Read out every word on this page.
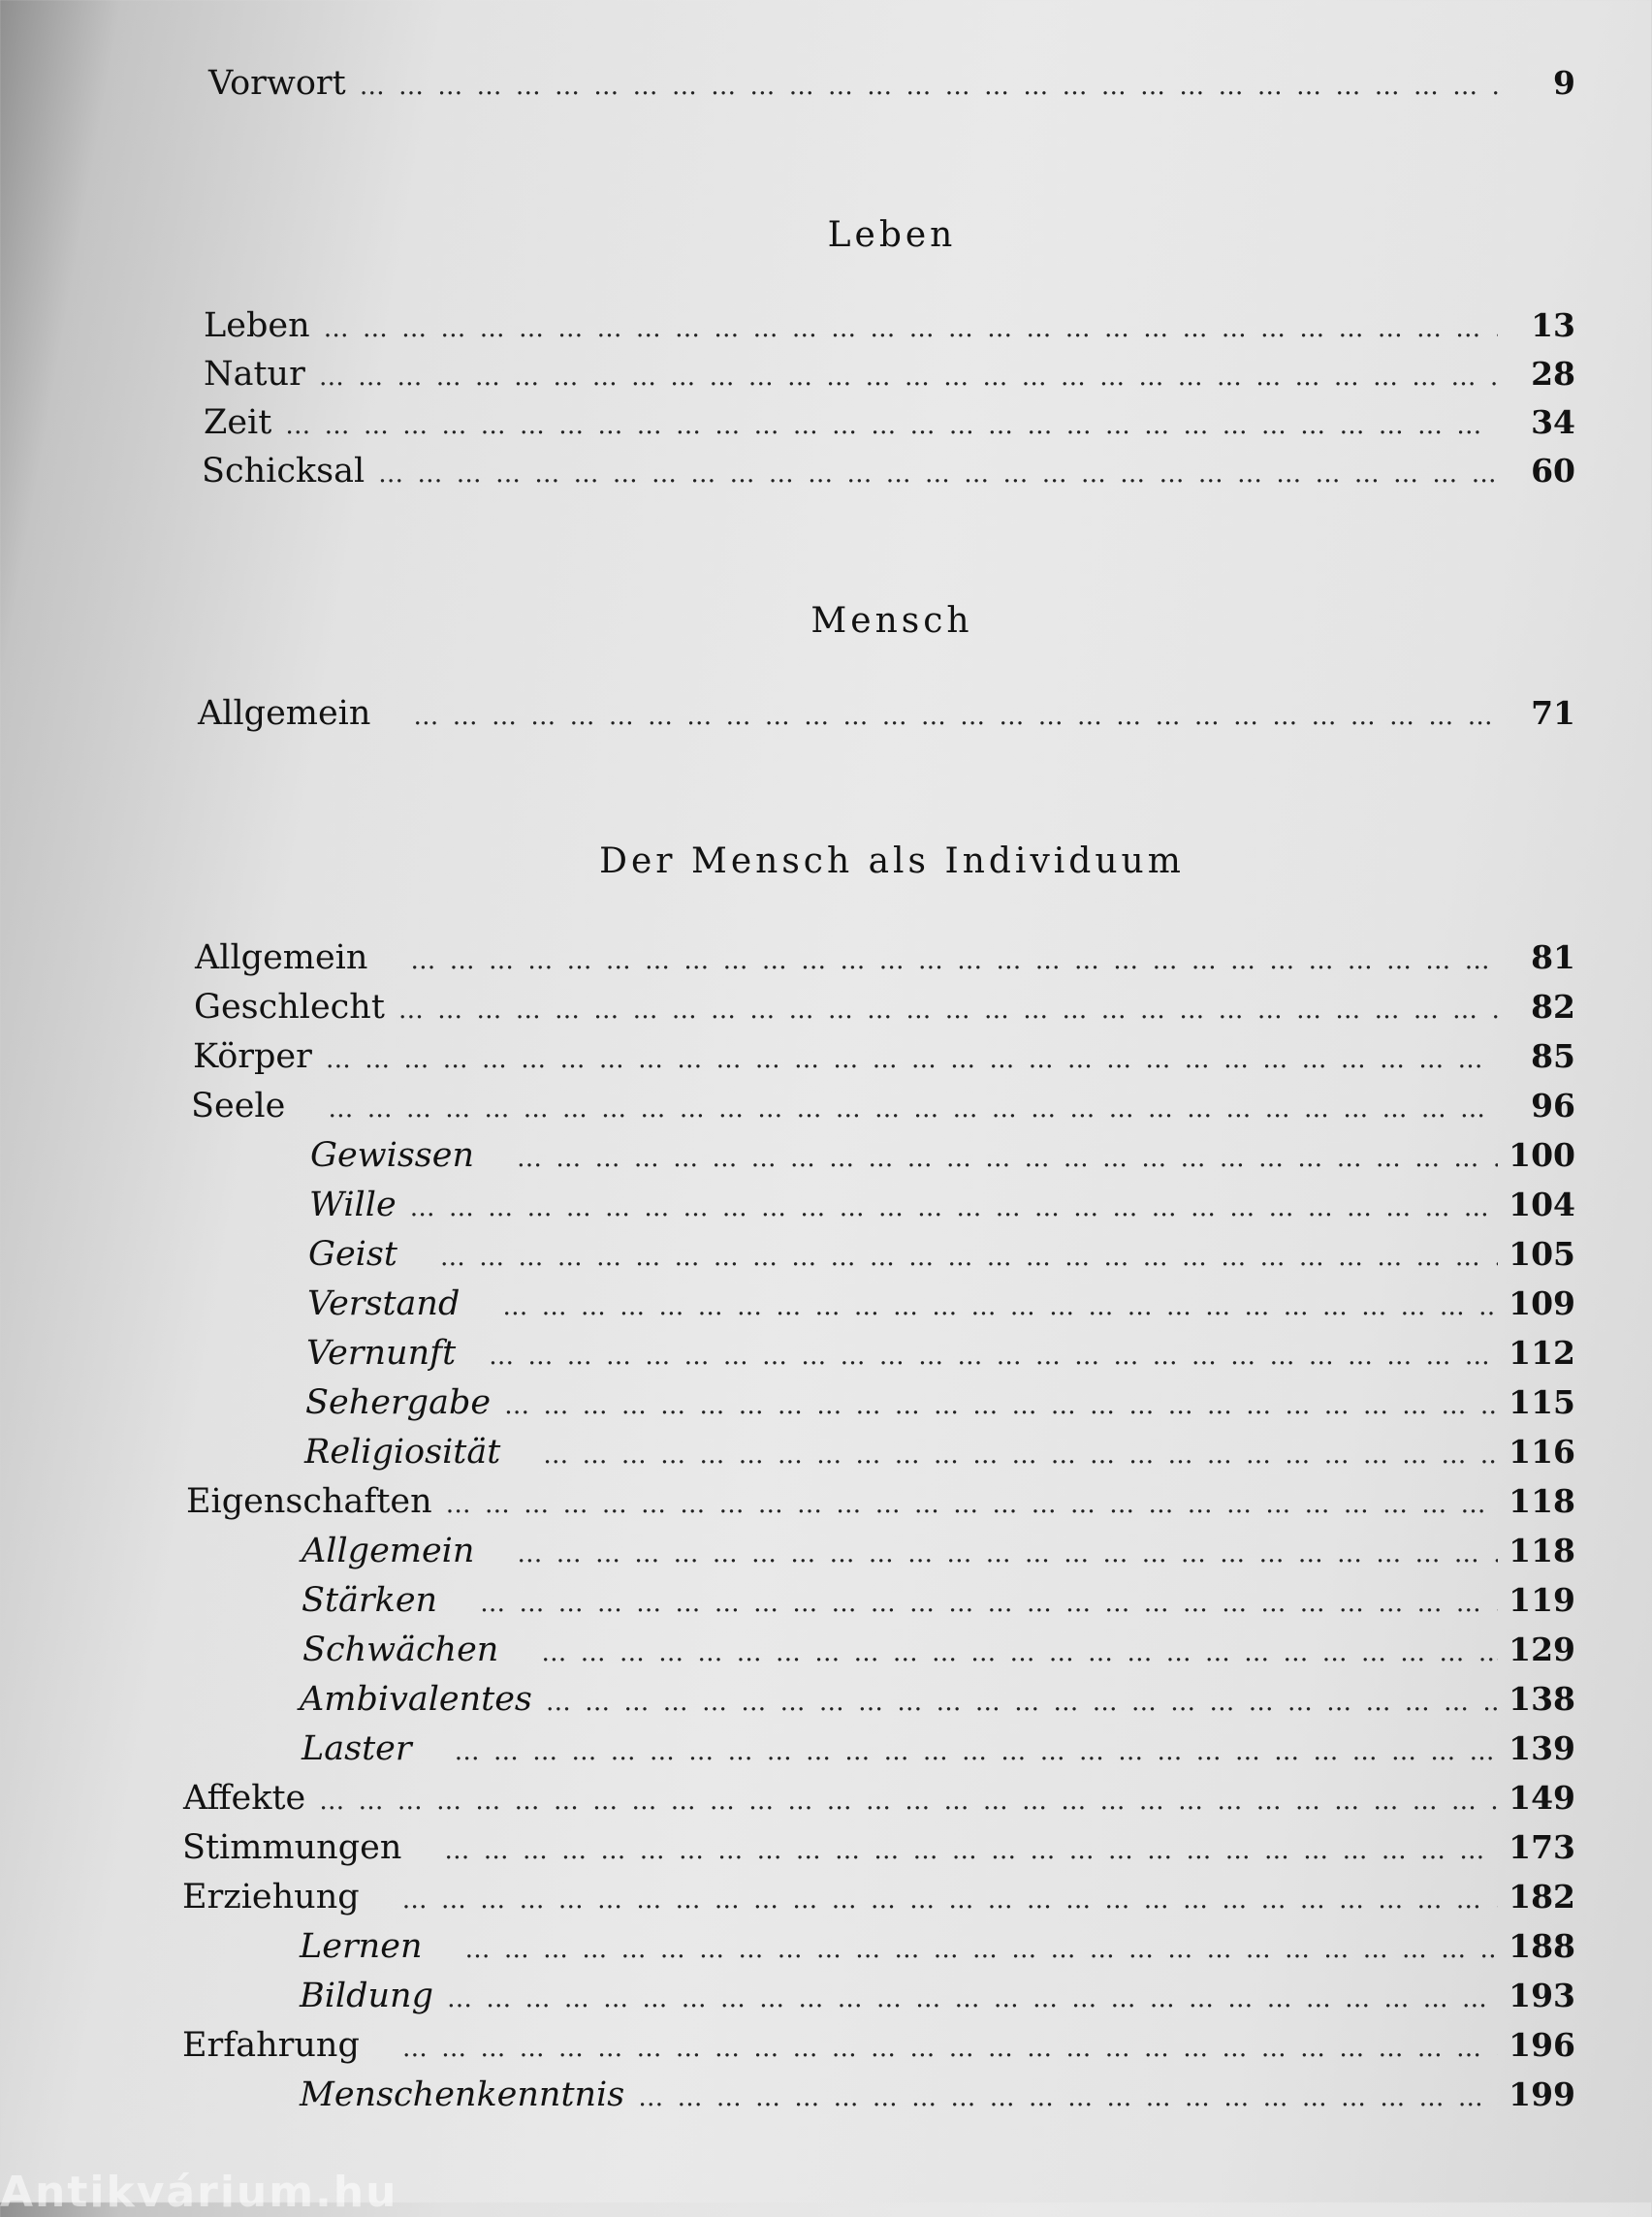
Vorwort … … … … … … … … … … … … … … … … … … … … … … … … … … … … … … … … … … … … … … … … … … … … … … … … … … … … … …	9
Leben
Leben … … … … … … … … … … … … … … … … … … … … … … … … … … … … … … … … … … … … … … … … … … … … … … … … … … … … … …	13
Natur … … … … … … … … … … … … … … … … … … … … … … … … … … … … … … … … … … … … … … … … … … … … … … … … … … … … … …	28
Zeit … … … … … … … … … … … … … … … … … … … … … … … … … … … … … … … … … … … … … … … … … … … … … … … … … … … … … …	34
Schicksal … … … … … … … … … … … … … … … … … … … … … … … … … … … … … … … … … … … … … … … … … … … … … … … … … … … … … …	60
Mensch
Allgemein … … … … … … … … … … … … … … … … … … … … … … … … … … … … … … … … … … … … … … … … … … … … … … … … … … … … … …	71
Der Mensch als Individuum
Allgemein … … … … … … … … … … … … … … … … … … … … … … … … … … … … … … … … … … … … … … … … … … … … … … … … … … … … … …	81
Geschlecht … … … … … … … … … … … … … … … … … … … … … … … … … … … … … … … … … … … … … … … … … … … … … … … … … … … … … …	82
Körper … … … … … … … … … … … … … … … … … … … … … … … … … … … … … … … … … … … … … … … … … … … … … … … … … … … … … …	85
Seele … … … … … … … … … … … … … … … … … … … … … … … … … … … … … … … … … … … … … … … … … … … … … … … … … … … … … …	96
Gewissen … … … … … … … … … … … … … … … … … … … … … … … … … … … … … … … … … … … … … … … … … … … … … … … … … … … … … …	100
Wille … … … … … … … … … … … … … … … … … … … … … … … … … … … … … … … … … … … … … … … … … … … … … … … … … … … … … …	104
Geist … … … … … … … … … … … … … … … … … … … … … … … … … … … … … … … … … … … … … … … … … … … … … … … … … … … … … …	105
Verstand … … … … … … … … … … … … … … … … … … … … … … … … … … … … … … … … … … … … … … … … … … … … … … … … … … … … … …	109
Vernunft … … … … … … … … … … … … … … … … … … … … … … … … … … … … … … … … … … … … … … … … … … … … … … … … … … … … … …	112
Sehergabe … … … … … … … … … … … … … … … … … … … … … … … … … … … … … … … … … … … … … … … … … … … … … … … … … … … … … …	115
Religiosität … … … … … … … … … … … … … … … … … … … … … … … … … … … … … … … … … … … … … … … … … … … … … … … … … … … … … …	116
Eigenschaften … … … … … … … … … … … … … … … … … … … … … … … … … … … … … … … … … … … … … … … … … … … … … … … … … … … … … …	118
Allgemein … … … … … … … … … … … … … … … … … … … … … … … … … … … … … … … … … … … … … … … … … … … … … … … … … … … … … …	118
Stärken … … … … … … … … … … … … … … … … … … … … … … … … … … … … … … … … … … … … … … … … … … … … … … … … … … … … … …	119
Schwächen … … … … … … … … … … … … … … … … … … … … … … … … … … … … … … … … … … … … … … … … … … … … … … … … … … … … … …	129
Ambivalentes … … … … … … … … … … … … … … … … … … … … … … … … … … … … … … … … … … … … … … … … … … … … … … … … … … … … … …	138
Laster … … … … … … … … … … … … … … … … … … … … … … … … … … … … … … … … … … … … … … … … … … … … … … … … … … … … … …	139
Affekte … … … … … … … … … … … … … … … … … … … … … … … … … … … … … … … … … … … … … … … … … … … … … … … … … … … … … …	149
Stimmungen … … … … … … … … … … … … … … … … … … … … … … … … … … … … … … … … … … … … … … … … … … … … … … … … … … … … … …	173
Erziehung … … … … … … … … … … … … … … … … … … … … … … … … … … … … … … … … … … … … … … … … … … … … … … … … … … … … … …	182
Lernen … … … … … … … … … … … … … … … … … … … … … … … … … … … … … … … … … … … … … … … … … … … … … … … … … … … … … …	188
Bildung … … … … … … … … … … … … … … … … … … … … … … … … … … … … … … … … … … … … … … … … … … … … … … … … … … … … … …	193
Erfahrung … … … … … … … … … … … … … … … … … … … … … … … … … … … … … … … … … … … … … … … … … … … … … … … … … … … … … …	196
Menschenkenntnis … … … … … … … … … … … … … … … … … … … … … … … … … … … … … … … … … … … … … … … … … … … … … … … … … … … … … …	199
Antikvárium.hu
